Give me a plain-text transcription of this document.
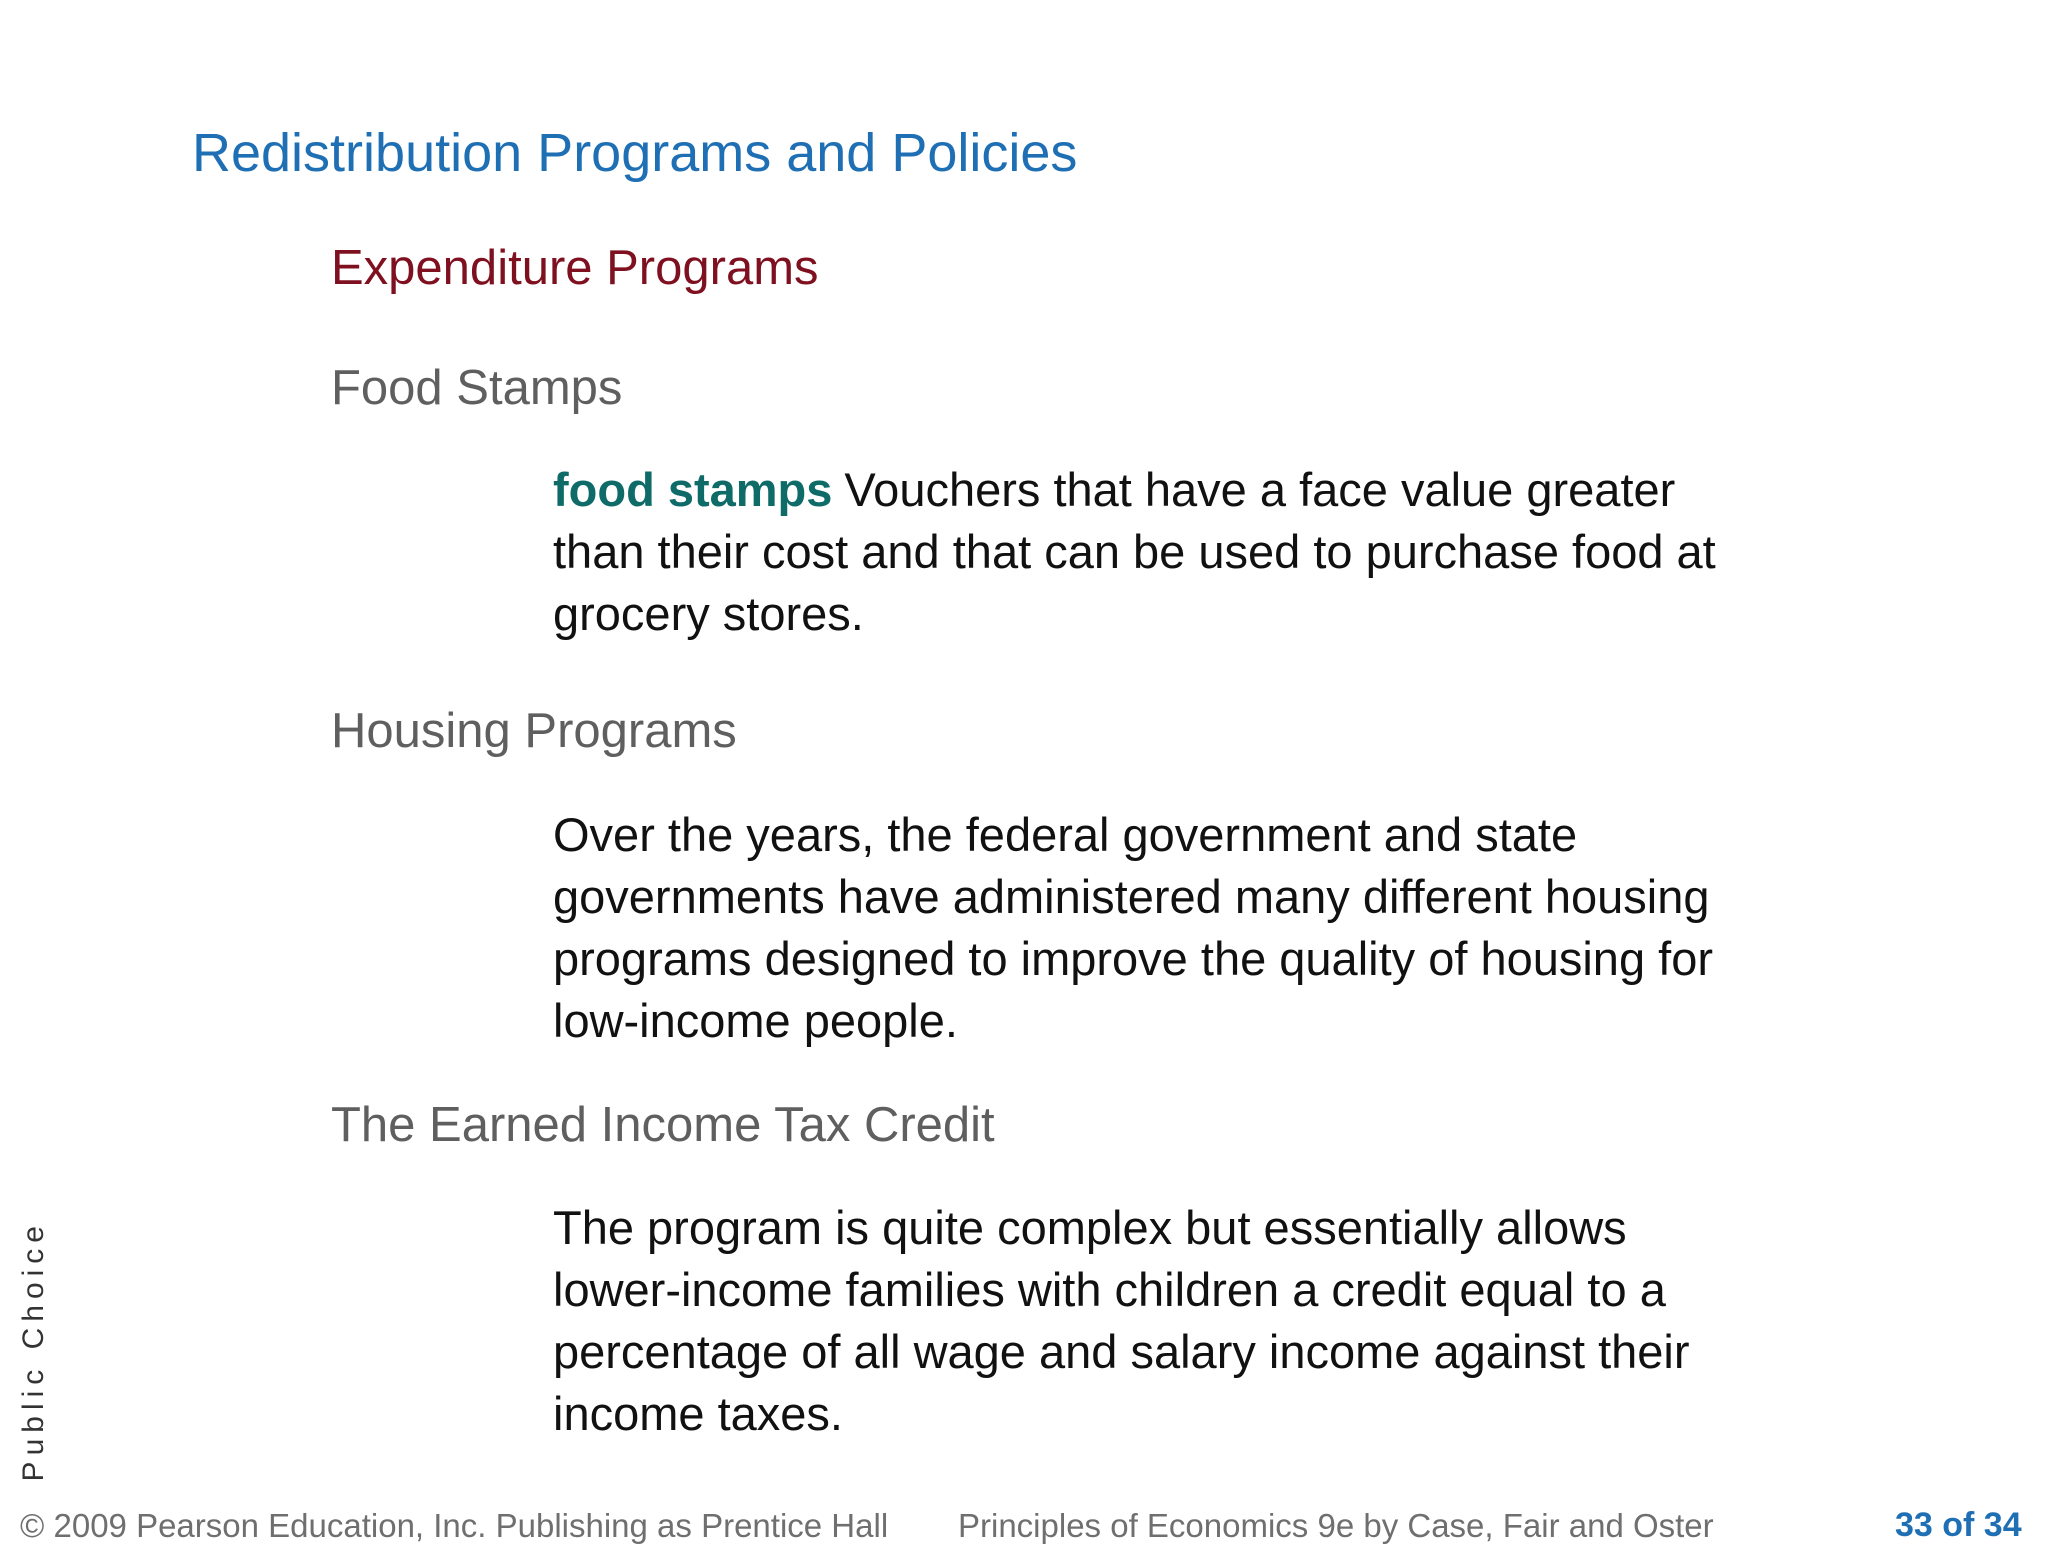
Redistribution Programs and Policies
Expenditure Programs
Food Stamps
food stamps Vouchers that have a face value greater than their cost and that can be used to purchase food at grocery stores.
Housing Programs
Over the years, the federal government and state governments have administered many different housing programs designed to improve the quality of housing for low-income people.
The Earned Income Tax Credit
The program is quite complex but essentially allows lower-income families with children a credit equal to a percentage of all wage and salary income against their income taxes.
Public Choice
© 2009 Pearson Education, Inc. Publishing as Prentice Hall Principles of Economics 9e by Case, Fair and Oster	33 of 34
